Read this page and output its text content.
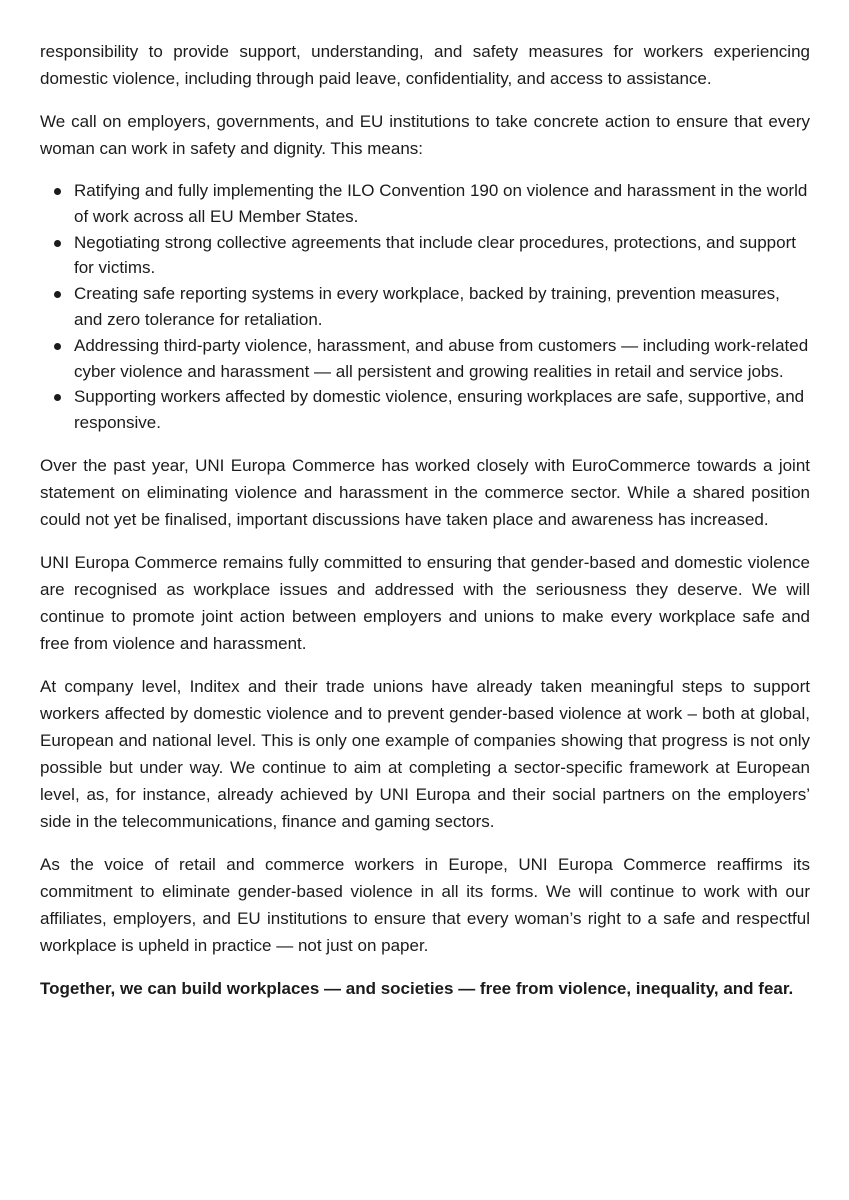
responsibility to provide support, understanding, and safety measures for workers experiencing domestic violence, including through paid leave, confidentiality, and access to assistance.

We call on employers, governments, and EU institutions to take concrete action to ensure that every woman can work in safety and dignity. This means:

Ratifying and fully implementing the ILO Convention 190 on violence and harassment in the world of work across all EU Member States.
Negotiating strong collective agreements that include clear procedures, protections, and support for victims.
Creating safe reporting systems in every workplace, backed by training, prevention measures, and zero tolerance for retaliation.
Addressing third-party violence, harassment, and abuse from customers — including work-related cyber violence and harassment — all persistent and growing realities in retail and service jobs.
Supporting workers affected by domestic violence, ensuring workplaces are safe, supportive, and responsive.

Over the past year, UNI Europa Commerce has worked closely with EuroCommerce towards a joint statement on eliminating violence and harassment in the commerce sector. While a shared position could not yet be finalised, important discussions have taken place and awareness has increased.

UNI Europa Commerce remains fully committed to ensuring that gender-based and domestic violence are recognised as workplace issues and addressed with the seriousness they deserve. We will continue to promote joint action between employers and unions to make every workplace safe and free from violence and harassment.

At company level, Inditex and their trade unions have already taken meaningful steps to support workers affected by domestic violence and to prevent gender-based violence at work – both at global, European and national level. This is only one example of companies showing that progress is not only possible but under way. We continue to aim at completing a sector-specific framework at European level, as, for instance, already achieved by UNI Europa and their social partners on the employers’ side in the telecommunications, finance and gaming sectors.

As the voice of retail and commerce workers in Europe, UNI Europa Commerce reaffirms its commitment to eliminate gender-based violence in all its forms. We will continue to work with our affiliates, employers, and EU institutions to ensure that every woman’s right to a safe and respectful workplace is upheld in practice — not just on paper.

Together, we can build workplaces — and societies — free from violence, inequality, and fear.
